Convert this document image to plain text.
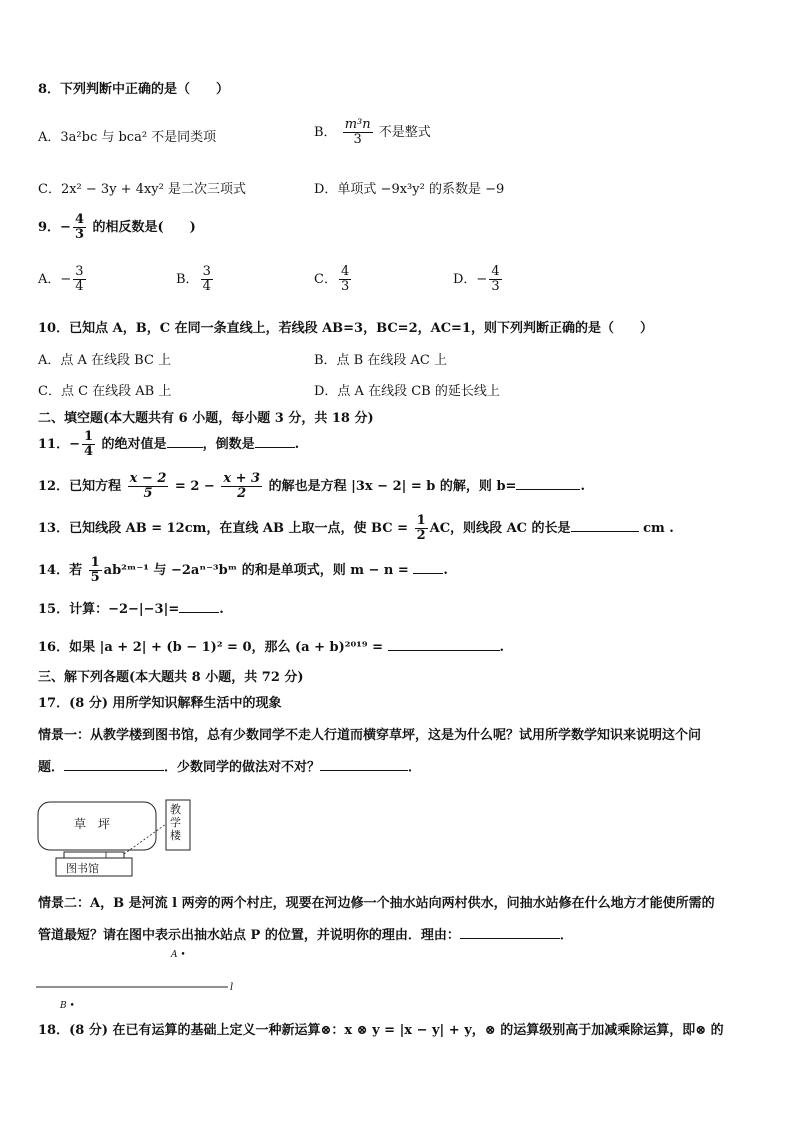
8．下列判断中正确的是（　　）
A．3a²bc 与 bca² 不是同类项	B． $\frac{\text{m³n}}{3}$ 不是整式
C．2x² − 3y + 4xy² 是二次三项式	D．单项式 −9x³y² 的系数是 −9
9．− $\frac{4}{3}$ 的相反数是(　　)
A．− $\frac{3}{4}$	B． $\frac{3}{4}$	C． $\frac{4}{3}$	D．− $\frac{4}{3}$
10．已知点 A，B，C 在同一条直线上，若线段 AB=3，BC=2，AC=1，则下列判断正确的是（　　）
A．点 A 在线段 BC 上	B．点 B 在线段 AC 上
C．点 C 在线段 AB 上	D．点 A 在线段 CB 的延长线上
二、填空题(本大题共有 6 小题，每小题 3 分，共 18 分)
11．− $\frac{1}{4}$ 的绝对值是	，倒数是	.
12．已知方程 $\frac{x - 2}{5} = 2 - \frac{x + 3}{2}$ 的解也是方程 |3x − 2| = b 的解，则 b=	.
13．已知线段 AB = 12cm，在直线 AB 上取一点，使 BC = $\frac{1}{2}$ AC，则线段 AC 的长是	cm .
14．若 $\frac{1}{5}$ ab²ᵐ⁻¹ 与 −2aⁿ⁻³bᵐ 的和是单项式，则 m − n = .
15．计算：−2−|−3|=	.
16．如果 |a + 2| + (b − 1)² = 0，那么 (a + b)²⁰¹⁹ =	.
三、解下列各题(本大题共 8 小题，共 72 分)
17．(8 分) 用所学知识解释生活中的现象
情景一：从教学楼到图书馆，总有少数同学不走人行道而横穿草坪，这是为什么呢？试用所学数学知识来说明这个问
题．	．少数同学的做法对不对？	．
草　坪
教
学
楼
图书馆
情景二：A，B 是河流 l 两旁的两个村庄，现要在河边修一个抽水站向两村供水，问抽水站修在什么地方才能使所需的
管道最短？请在图中表示出抽水站点 P 的位置，并说明你的理由．理由：	．
A •
l
B •
18．(8 分) 在已有运算的基础上定义一种新运算⊗：x ⊗ y = |x − y| + y，⊗ 的运算级别高于加减乘除运算，即⊗ 的
